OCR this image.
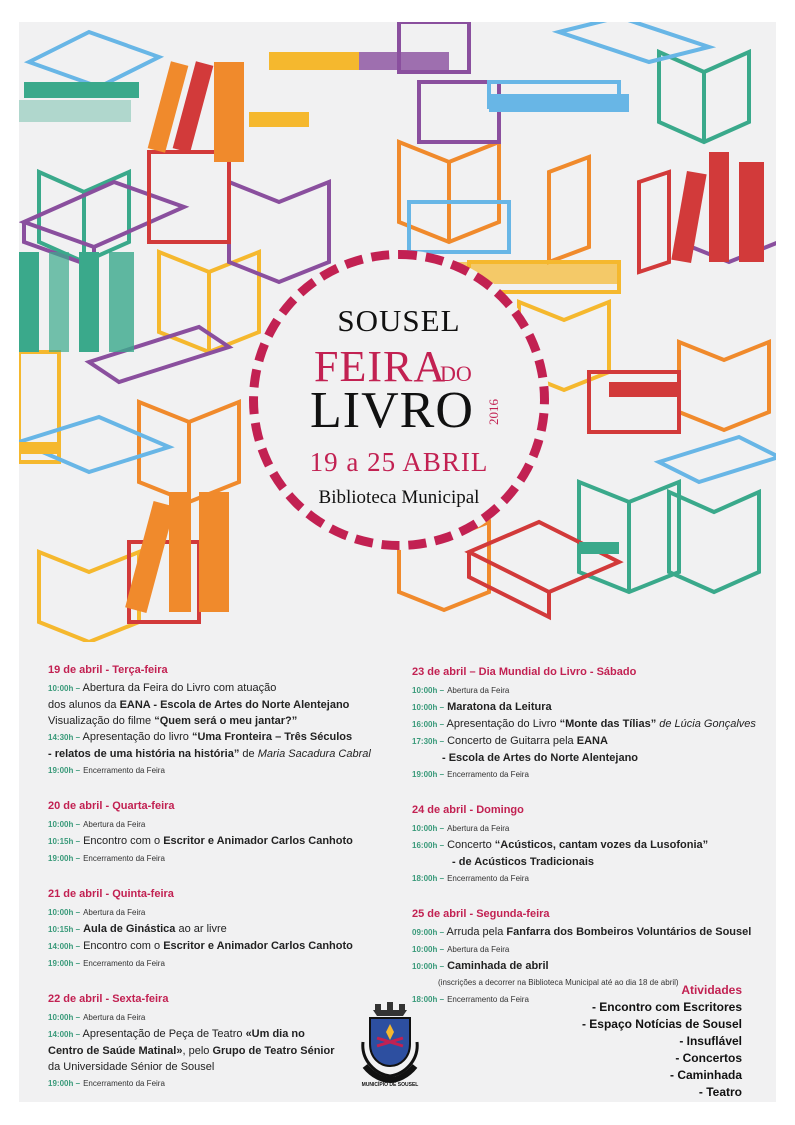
SOUSEL
FEIRA
DO
LIVRO 2016
19 a 25 ABRIL
Biblioteca Municipal
19 de abril - Terça-feira
10:00h – Abertura da Feira do Livro com atuação
dos alunos da EANA - Escola de Artes do Norte Alentejano
Visualização do filme “Quem será o meu jantar?”
14:30h – Apresentação do livro “Uma Fronteira – Três Séculos
- relatos de uma história na história” de Maria Sacadura Cabral
19:00h – Encerramento da Feira
20 de abril - Quarta-feira
10:00h – Abertura da Feira
10:15h – Encontro com o Escritor e Animador Carlos Canhoto
19:00h – Encerramento da Feira
21 de abril - Quinta-feira
10:00h – Abertura da Feira
10:15h – Aula de Ginástica ao ar livre
14:00h – Encontro com o Escritor e Animador Carlos Canhoto
19:00h – Encerramento da Feira
22 de abril - Sexta-feira
10:00h – Abertura da Feira
14:00h – Apresentação de Peça de Teatro «Um dia no
Centro de Saúde Matinal», pelo Grupo de Teatro Sénior
da Universidade Sénior de Sousel
19:00h – Encerramento da Feira
23 de abril – Dia Mundial do Livro - Sábado
10:00h – Abertura da Feira
10:00h – Maratona da Leitura
16:00h – Apresentação do Livro “Monte das Tílias” de Lúcia Gonçalves
17:30h – Concerto de Guitarra pela EANA
- Escola de Artes do Norte Alentejano
19:00h – Encerramento da Feira
24 de abril - Domingo
10:00h – Abertura da Feira
16:00h – Concerto “Acústicos, cantam vozes da Lusofonia”
- de Acústicos Tradicionais
18:00h – Encerramento da Feira
25 de abril - Segunda-feira
09:00h – Arruda pela Fanfarra dos Bombeiros Voluntários de Sousel
10:00h – Abertura da Feira
10:00h – Caminhada de abril
(inscrições a decorrer na Biblioteca Municipal até ao dia 18 de abril)
18:00h – Encerramento da Feira
Atividades
- Encontro com Escritores
- Espaço Notícias de Sousel
- Insuflável
- Concertos
- Caminhada
- Teatro
MUNICÍPIO DE SOUSEL
